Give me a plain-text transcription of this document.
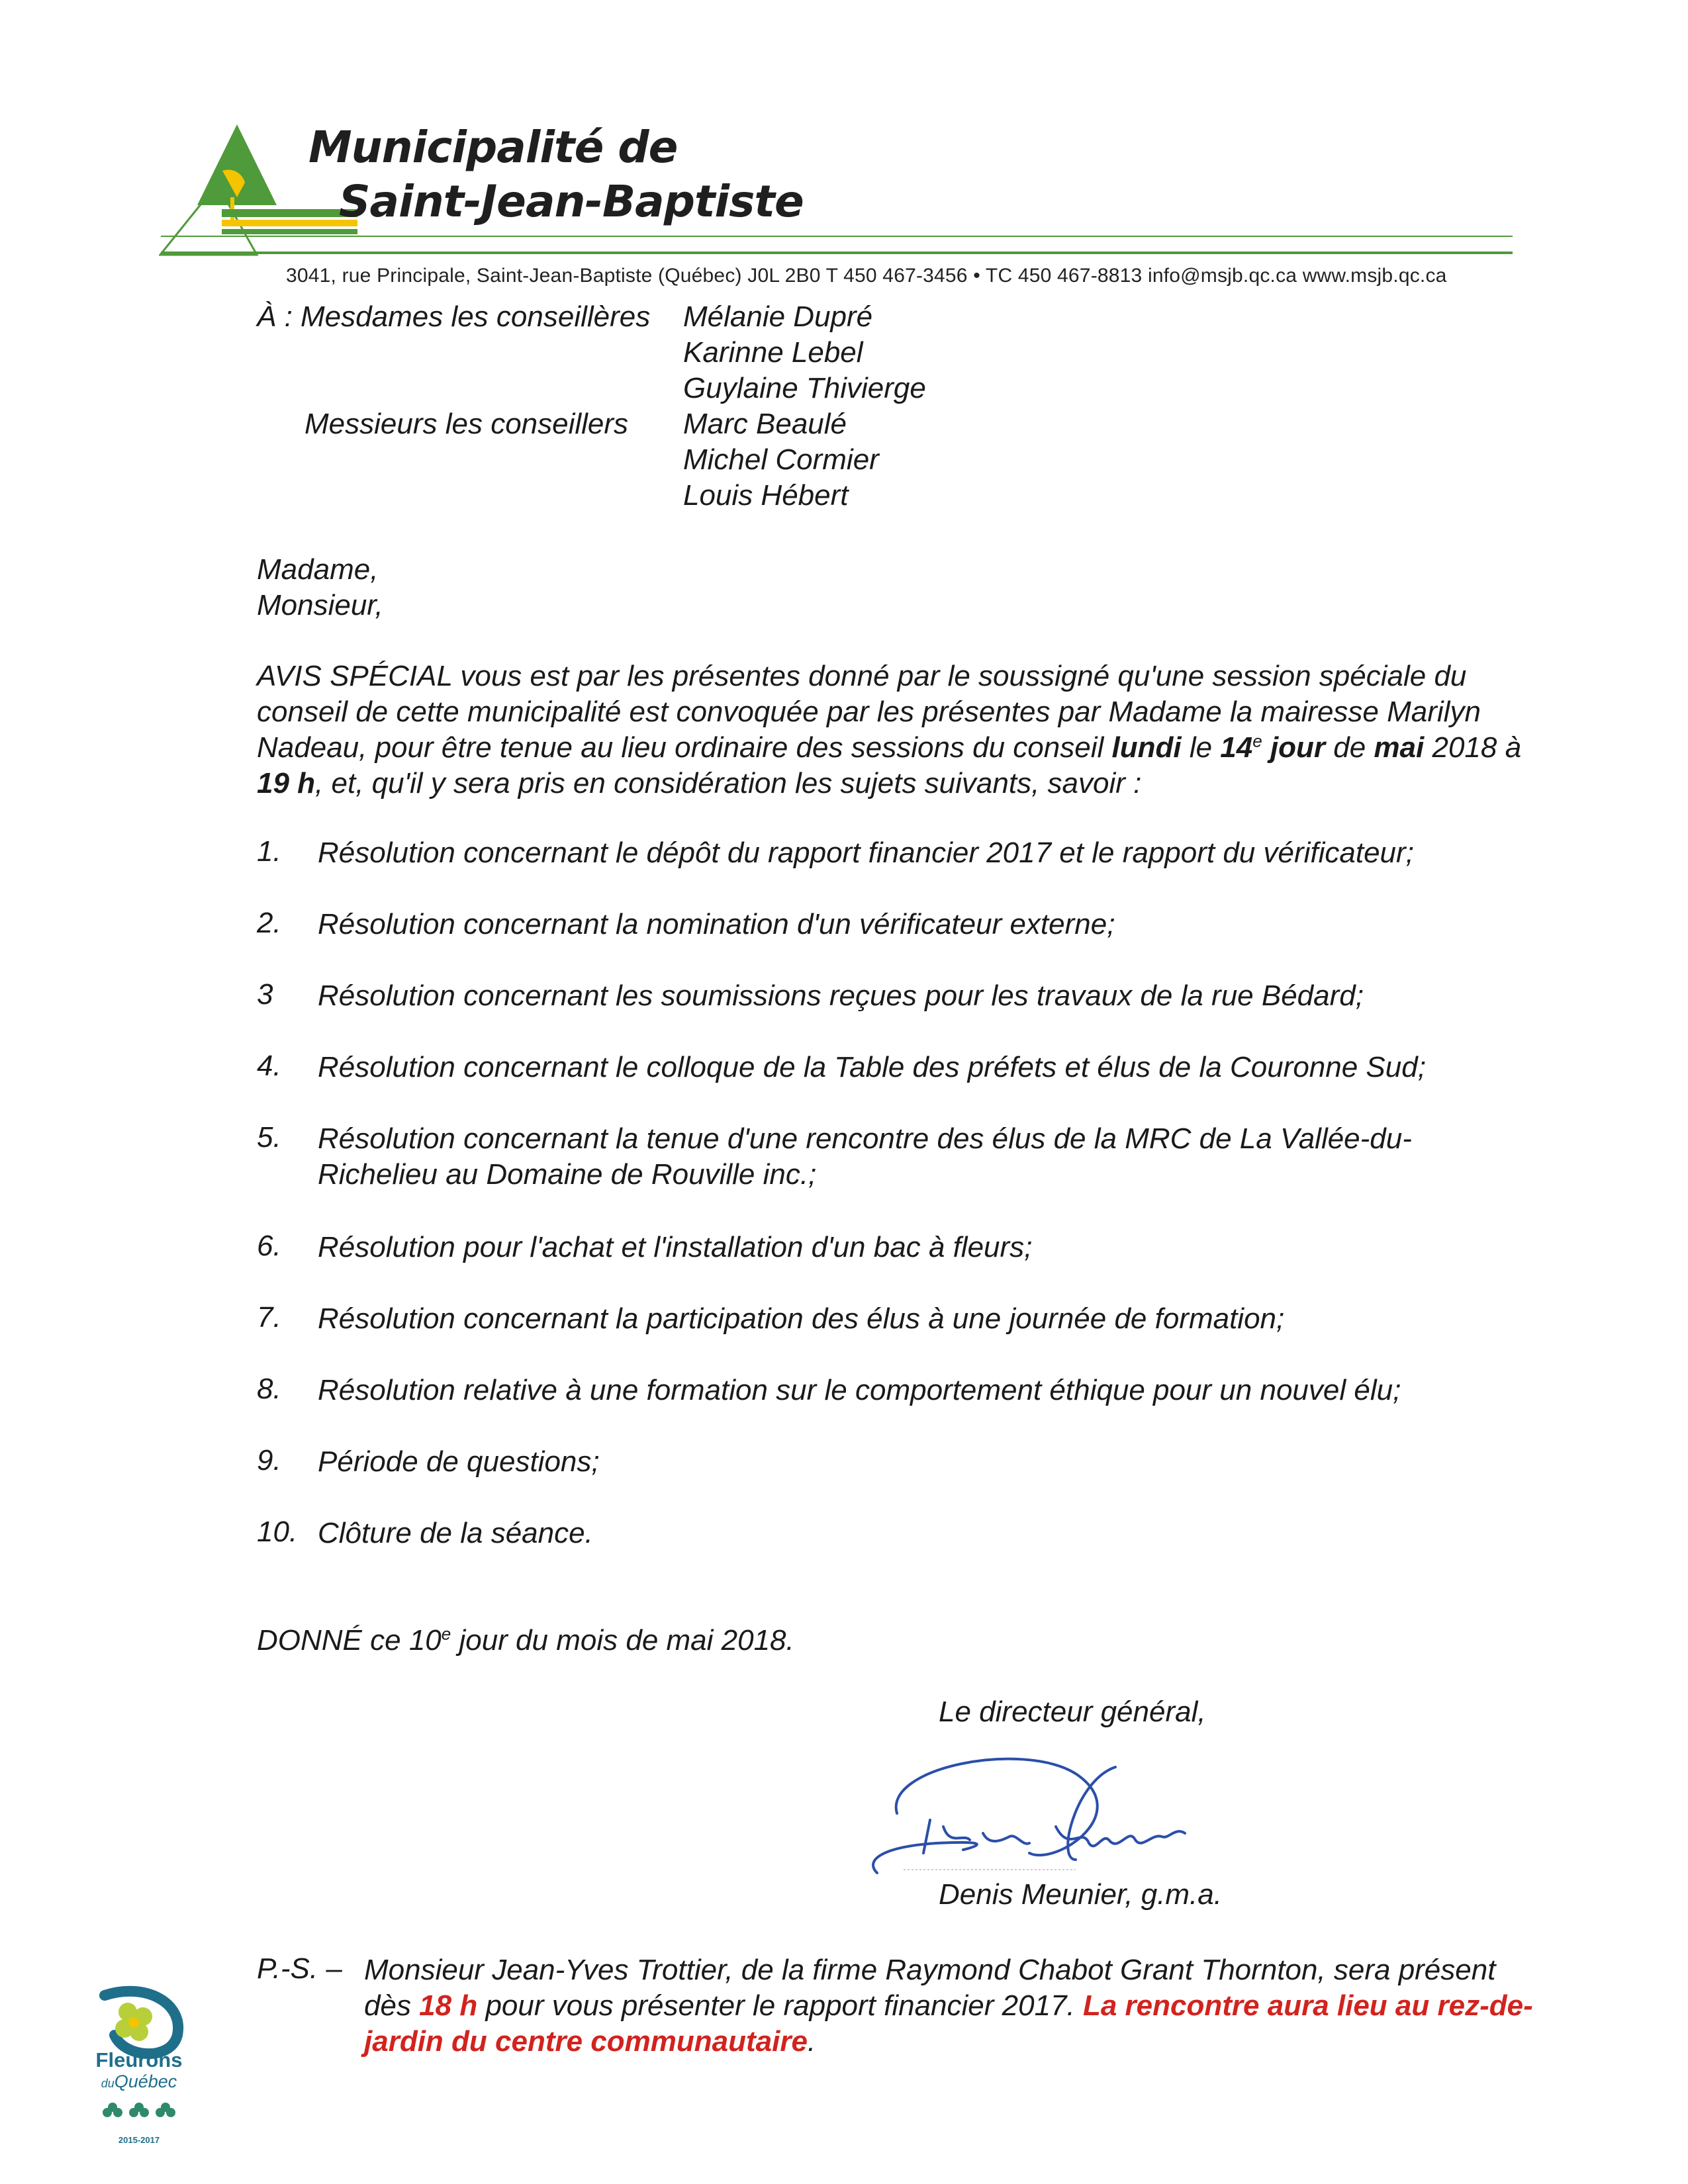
Municipalité de
Saint-Jean-Baptiste
3041, rue Principale, Saint-Jean-Baptiste (Québec) J0L 2B0 T 450 467-3456 • TC 450 467-8813 info@msjb.qc.ca www.msjb.qc.ca
À : Mesdames les conseillères Mélanie Dupré
Karinne Lebel
Guylaine Thivierge
Messieurs les conseillers Marc Beaulé
Michel Cormier
Louis Hébert
Madame,
Monsieur,
AVIS SPÉCIAL vous est par les présentes donné par le soussigné qu'une session spéciale du conseil de cette municipalité est convoquée par les présentes par Madame la mairesse Marilyn Nadeau, pour être tenue au lieu ordinaire des sessions du conseil lundi le 14e jour de mai 2018 à 19 h, et, qu'il y sera pris en considération les sujets suivants, savoir :
1. Résolution concernant le dépôt du rapport financier 2017 et le rapport du vérificateur;
2. Résolution concernant la nomination d'un vérificateur externe;
3 Résolution concernant les soumissions reçues pour les travaux de la rue Bédard;
4. Résolution concernant le colloque de la Table des préfets et élus de la Couronne Sud;
5. Résolution concernant la tenue d'une rencontre des élus de la MRC de La Vallée-du-Richelieu au Domaine de Rouville inc.;
6. Résolution pour l'achat et l'installation d'un bac à fleurs;
7. Résolution concernant la participation des élus à une journée de formation;
8. Résolution relative à une formation sur le comportement éthique pour un nouvel élu;
9. Période de questions;
10. Clôture de la séance.
DONNÉ ce 10e jour du mois de mai 2018.
Le directeur général,
Denis Meunier, g.m.a.
P.-S. – Monsieur Jean-Yves Trottier, de la firme Raymond Chabot Grant Thornton, sera présent dès 18 h pour vous présenter le rapport financier 2017. La rencontre aura lieu au rez-de-jardin du centre communautaire.
Fleurons
duQuébec
2015-2017
